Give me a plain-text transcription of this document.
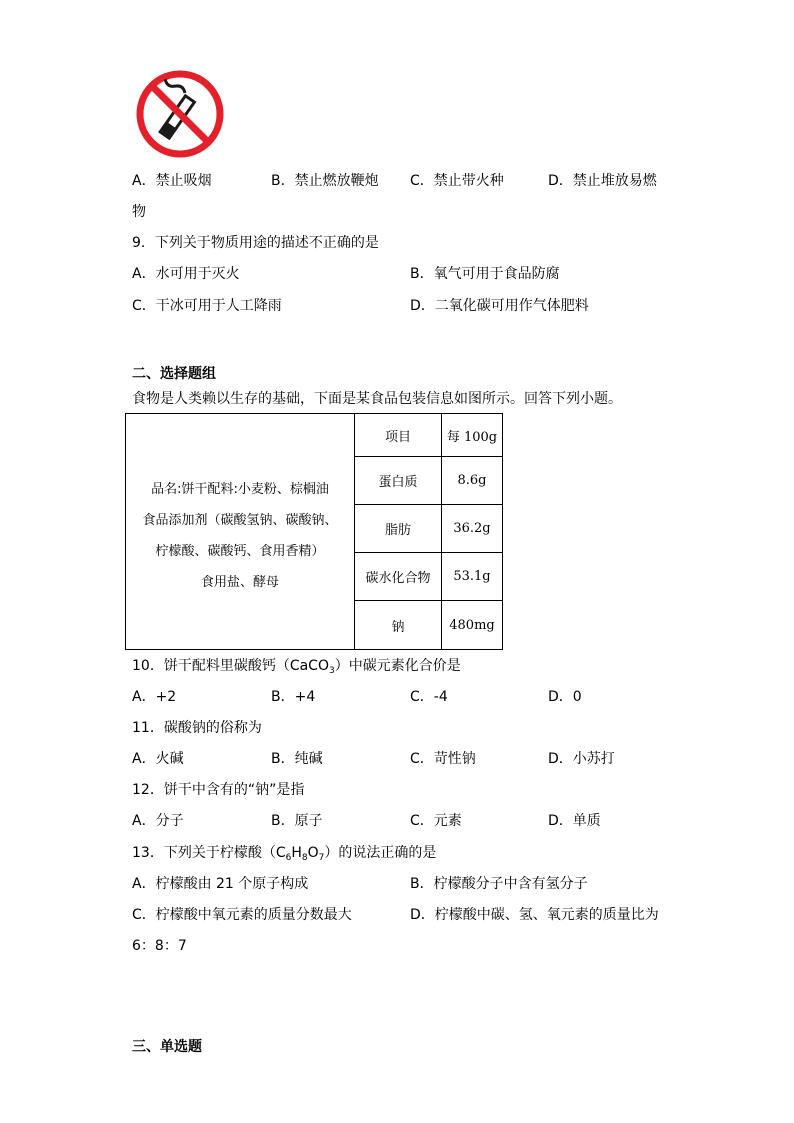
A．禁止吸烟	B．禁止燃放鞭炮 C．禁止带火种	D．禁止堆放易燃
物
9．下列关于物质用途的描述不正确的是
A．水可用于灭火	B．氧气可用于食品防腐
C．干冰可用于人工降雨	D．二氧化碳可用作气体肥料
二、选择题组
食物是人类赖以生存的基础，下面是某食品包装信息如图所示。回答下列小题。
品名:饼干配料:小麦粉、棕榈油
食品添加剂（碳酸氢钠、碳酸钠、
柠檬酸、碳酸钙、食用香精）
食用盐、酵母	项目	每 100g
	蛋白质	8.6g
	脂肪	36.2g
	碳水化合物	53.1g
	钠	480mg
10．饼干配料里碳酸钙（CaCO$_3$）中碳元素化合价是
A．+2	B．+4	C．-4	D．0
11．碳酸钠的俗称为
A．火碱	B．纯碱	C．苛性钠	D．小苏打
12．饼干中含有的“钠”是指
A．分子	B．原子	C．元素	D．单质
13．下列关于柠檬酸$(C_6H_8O_7)$的说法正确的是
A．柠檬酸由 21 个原子构成	B．柠檬酸分子中含有氢分子
C．柠檬酸中氧元素的质量分数最大	D．柠檬酸中碳、氢、氧元素的质量比为
6：8：7
三、单选题
